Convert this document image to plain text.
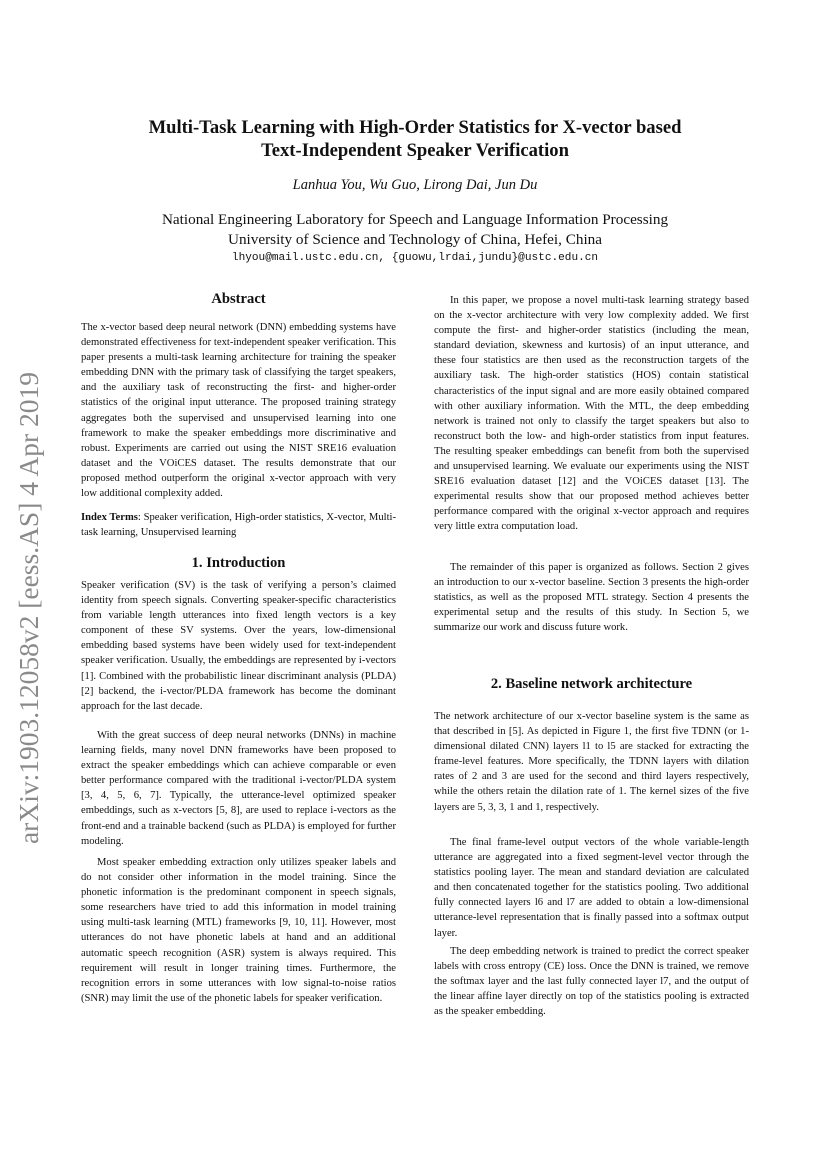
arXiv:1903.12058v2 [eess.AS] 4 Apr 2019
Multi-Task Learning with High-Order Statistics for X-vector based
Text-Independent Speaker Verification
Lanhua You, Wu Guo, Lirong Dai, Jun Du
National Engineering Laboratory for Speech and Language Information Processing
University of Science and Technology of China, Hefei, China
lhyou@mail.ustc.edu.cn, {guowu,lrdai,jundu}@ustc.edu.cn
Abstract
The x-vector based deep neural network (DNN) embedding systems have demonstrated effectiveness for text-independent speaker verification. This paper presents a multi-task learning architecture for training the speaker embedding DNN with the primary task of classifying the target speakers, and the auxiliary task of reconstructing the first- and higher-order statistics of the original input utterance. The proposed training strategy aggregates both the supervised and unsupervised learning into one framework to make the speaker embeddings more discriminative and robust. Experiments are carried out using the NIST SRE16 evaluation dataset and the VOiCES dataset. The results demonstrate that our proposed method outperform the original x-vector approach with very low additional complexity added.
Index Terms: Speaker verification, High-order statistics, X-vector, Multi-task learning, Unsupervised learning
1. Introduction
Speaker verification (SV) is the task of verifying a person’s claimed identity from speech signals. Converting speaker-specific characteristics from variable length utterances into fixed length vectors is a key component of these SV systems. Over the years, low-dimensional embedding based systems have been widely used for text-independent speaker verification. Usually, the embeddings are represented by i-vectors [1]. Combined with the probabilistic linear discriminant analysis (PLDA) [2] backend, the i-vector/PLDA framework has become the dominant approach for the last decade.
With the great success of deep neural networks (DNNs) in machine learning fields, many novel DNN frameworks have been proposed to extract the speaker embeddings which can achieve comparable or even better performance compared with the traditional i-vector/PLDA system [3, 4, 5, 6, 7]. Typically, the utterance-level optimized speaker embeddings, such as x-vectors [5, 8], are used to replace i-vectors as the front-end and a trainable backend (such as PLDA) is employed for further modeling.
Most speaker embedding extraction only utilizes speaker labels and do not consider other information in the model training. Since the phonetic information is the predominant component in speech signals, some researchers have tried to add this information in model training using multi-task learning (MTL) frameworks [9, 10, 11]. However, most utterances do not have phonetic labels at hand and an additional automatic speech recognition (ASR) system is always required. This requirement will result in longer training times. Furthermore, the recognition errors in some utterances with low signal-to-noise ratios (SNR) may limit the use of the phonetic labels for speaker verification.
In this paper, we propose a novel multi-task learning strategy based on the x-vector architecture with very low complexity added. We first compute the first- and higher-order statistics (including the mean, standard deviation, skewness and kurtosis) of an input utterance, and these four statistics are then used as the reconstruction targets of the auxiliary task. The high-order statistics (HOS) contain statistical characteristics of the input signal and are more easily obtained compared with other auxiliary information. With the MTL, the deep embedding network is trained not only to classify the target speakers but also to reconstruct both the low- and high-order statistics from input features. The resulting speaker embeddings can benefit from both the supervised and unsupervised learning. We evaluate our experiments using the NIST SRE16 evaluation dataset [12] and the VOiCES dataset [13]. The experimental results show that our proposed method achieves better performance compared with the original x-vector approach and requires very little extra computation load.
The remainder of this paper is organized as follows. Section 2 gives an introduction to our x-vector baseline. Section 3 presents the high-order statistics, as well as the proposed MTL strategy. Section 4 presents the experimental setup and the results of this study. In Section 5, we summarize our work and discuss future work.
2. Baseline network architecture
The network architecture of our x-vector baseline system is the same as that described in [5]. As depicted in Figure 1, the first five TDNN (or 1-dimensional dilated CNN) layers l1 to l5 are stacked for extracting the frame-level features. More specifically, the TDNN layers with dilation rates of 2 and 3 are used for the second and third layers respectively, while the others retain the dilation rate of 1. The kernel sizes of the five layers are 5, 3, 3, 1 and 1, respectively.
The final frame-level output vectors of the whole variable-length utterance are aggregated into a fixed segment-level vector through the statistics pooling layer. The mean and standard deviation are calculated and then concatenated together for the statistics pooling. Two additional fully connected layers l6 and l7 are added to obtain a low-dimensional utterance-level representation that is finally passed into a softmax output layer.
The deep embedding network is trained to predict the correct speaker labels with cross entropy (CE) loss. Once the DNN is trained, we remove the softmax layer and the last fully connected layer l7, and the output of the linear affine layer directly on top of the statistics pooling is extracted as the speaker embedding.
